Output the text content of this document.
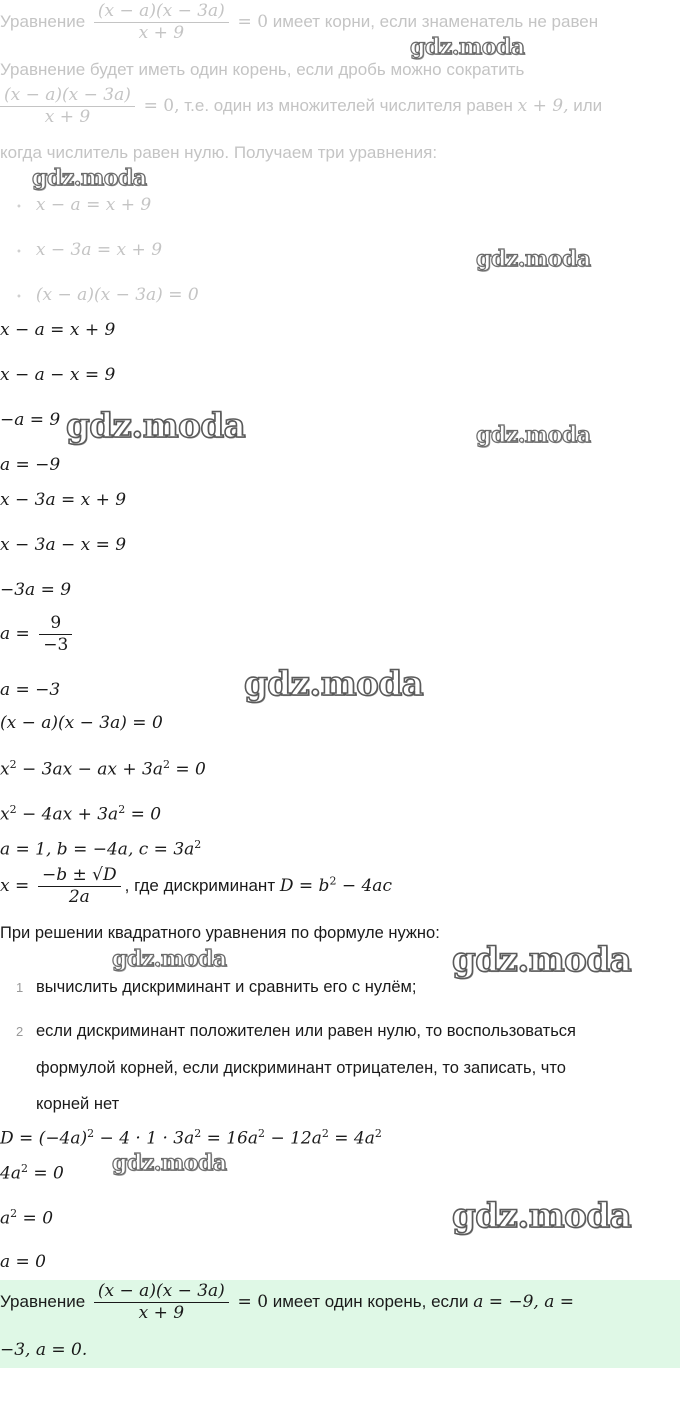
Уравнение $\frac{(x - a)(x - 3a)}{x + 9} = 0$ имеет корни, если знаменатель не равен
Уравнение будет иметь один корень, если дробь можно сократить
$\frac{(x - a)(x - 3a)}{x + 9} = 0$, т.е. один из множителей числителя равен x + 9, или
когда числитель равен нулю. Получаем три уравнения:
• x − a = x + 9
• x − 3a = x + 9
• (x − a)(x − 3a) = 0
x − a = x + 9
x − a − x = 9
−a = 9
a = −9
x − 3a = x + 9
x − 3a − x = 9
−3a = 9
$a = \frac{9}{-3}$
a = −3
(x − a)(x − 3a) = 0
$x^2 - 3ax$ − ax + $3a^2 = 0$
$x^2 - 4ax + 3a^2 = 0$
a = 1, b = −4a, $c = 3a^2$
$x = \frac{-b \pm √D}{2a}$ , где дискриминант $D = b^2 - 4ac$
При решении квадратного уравнения по формуле нужно:
1 вычислить дискриминант и сравнить его с нулём;
2 если дискриминант положителен или равен нулю, то воспользоваться
формулой корней, если дискриминант отрицателен, то записать, что
корней нет
$D = (-4a)^2 - 4 \cdot 1 \cdot 3a^2 = 16a^2 - 12a^2 = 4a^2$
$4a^2 = 0$
$a^2 = 0$
a = 0
Уравнение $\frac{(x - a)(x - 3a)}{x + 9} = 0$ имеет один корень, если a = −9, a =
−3, a = 0.
gdz.moda
gdz.moda
gdz.moda
gdz.moda	gdz.moda
gdz.moda
gdz.moda	gdz.moda
gdz.moda
gdz.moda
